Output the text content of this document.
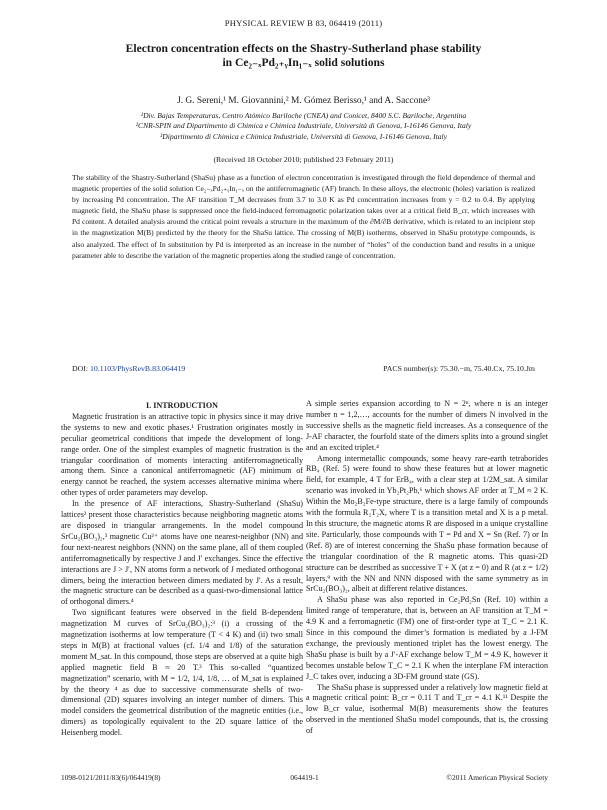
PHYSICAL REVIEW B 83, 064419 (2011)
Electron concentration effects on the Shastry-Sutherland phase stability
in Ce₂₋ₓPd₂₊ᵧIn₁₋ₓ solid solutions
J. G. Sereni,¹ M. Giovannini,² M. Gómez Berisso,¹ and A. Saccone³
¹Div. Bajas Temperaturas, Centro Atómico Bariloche (CNEA) and Conicet, 8400 S.C. Bariloche, Argentina
²CNR-SPIN and Dipartimento di Chimica e Chimica Industriale, Università di Genova, I-16146 Genova, Italy
³Dipartimento di Chimica e Chimica Industriale, Università di Genova, I-16146 Genova, Italy
(Received 18 October 2010; published 23 February 2011)

The stability of the Shastry-Sutherland (ShaSu) phase as a function of electron concentration is investigated through the field dependence of thermal and magnetic properties of the solid solution Ce₂₋ₓPd₂₊ᵧIn₁₋ₓ on the antiferromagnetic (AF) branch. In these alloys, the electronic (holes) variation is realized by increasing Pd concentration. The AF transition T_M decreases from 3.7 to 3.0 K as Pd concentration increases from y = 0.2 to 0.4. By applying magnetic field, the ShaSu phase is suppressed once the field-induced ferromagnetic polarization takes over at a critical field B_cr, which increases with Pd content. A detailed analysis around the critical point reveals a structure in the maximum of the ∂M/∂B derivative, which is related to an incipient step in the magnetization M(B) predicted by the theory for the ShaSu lattice. The crossing of M(B) isotherms, observed in ShaSu prototype compounds, is also analyzed. The effect of In substitution by Pd is interpreted as an increase in the number of “holes” of the conduction band and results in a unique parameter able to describe the variation of the magnetic properties along the studied range of concentration.

DOI: 10.1103/PhysRevB.83.064419	PACS number(s): 75.30.−m, 75.40.Cx, 75.10.Jm

I. INTRODUCTION

Magnetic frustration is an attractive topic in physics since it may drive the systems to new and exotic phases.¹ Frustration originates mostly in peculiar geometrical conditions that impede the development of long-range order. One of the simplest examples of magnetic frustration is the triangular coordination of moments interacting antiferromagnetically among them. Since a canonical antiferromagnetic (AF) minimum of energy cannot be reached, the system accesses alternative minima where other types of order parameters may develop.

In the presence of AF interactions, Shastry-Sutherland (ShaSu) lattices² present those characteristics because neighboring magnetic atoms are disposed in triangular arrangements. In the model compound SrCu₂(BO₃)₂,³ magnetic Cu²⁺ atoms have one nearest-neighbor (NN) and four next-nearest neighbors (NNN) on the same plane, all of them coupled antiferromagnetically by respective J and J′ exchanges. Since the effective interactions are J > J′, NN atoms form a network of J mediated orthogonal dimers, being the interaction between dimers mediated by J′. As a result, the magnetic structure can be described as a quasi-two-dimensional lattice of orthogonal dimers.⁴

Two significant features were observed in the field B-dependent magnetization M curves of SrCu₂(BO₃)₂:³ (i) a crossing of the magnetization isotherms at low temperature (T < 4 K) and (ii) two small steps in M(B) at fractional values (cf. 1/4 and 1/8) of the saturation moment M_sat. In this compound, those steps are observed at a quite high applied magnetic field B ≈ 20 T.³ This so-called “quantized magnetization” scenario, with M = 1/2, 1/4, 1/8, … of M_sat is explained by the theory ⁴ as due to successive commensurate shells of two-dimensional (2D) squares involving an integer number of dimers. This model considers the geometrical distribution of the magnetic entities (i.e., dimers) as topologically equivalent to the 2D square lattice of the Heisenberg model.

A simple series expansion according to N = 2ⁿ, where n is an integer number n = 1,2,…, accounts for the number of dimers N involved in the successive shells as the magnetic field increases. As a consequence of the J-AF character, the fourfold state of the dimers splits into a ground singlet and an excited triplet.⁴

Among intermetallic compounds, some heavy rare-earth tetraborides RB₄ (Ref. 5) were found to show these features but at lower magnetic field, for example, 4 T for ErB₄, with a clear step at 1/2M_sat. A similar scenario was invoked in Yb₂Pt₂Pb,⁶ which shows AF order at T_M ≈ 2 K. Within the Mo₂B₂Fe-type structure, there is a large family of compounds with the formula R₂T₂X, where T is a transition metal and X is a p metal. In this structure, the magnetic atoms R are disposed in a unique crystalline site. Particularly, those compounds with T = Pd and X = Sn (Ref. 7) or In (Ref. 8) are of interest concerning the ShaSu phase formation because of the triangular coordination of the R magnetic atoms. This quasi-2D structure can be described as successive T + X (at z = 0) and R (at z = 1/2) layers,⁹ with the NN and NNN disposed with the same symmetry as in SrCu₂(BO₃)₂, albeit at different relative distances.

A ShaSu phase was also reported in Ce₂Pd₂Sn (Ref. 10) within a limited range of temperature, that is, between an AF transition at T_M = 4.9 K and a ferromagnetic (FM) one of first-order type at T_C = 2.1 K. Since in this compound the dimer’s formation is mediated by a J-FM exchange, the previously mentioned triplet has the lowest energy. The ShaSu phase is built by a J′-AF exchange below T_M = 4.9 K, however it becomes unstable below T_C = 2.1 K when the interplane FM interaction J_C takes over, inducing a 3D-FM ground state (GS).

The ShaSu phase is suppressed under a relatively low magnetic field at a magnetic critical point: B_cr = 0.11 T and T_cr = 4.1 K.¹¹ Despite the low B_cr value, isothermal M(B) measurements show the features observed in the mentioned ShaSu model compounds, that is, the crossing of

1098-0121/2011/83(6)/064419(8)	064419-1	©2011 American Physical Society
